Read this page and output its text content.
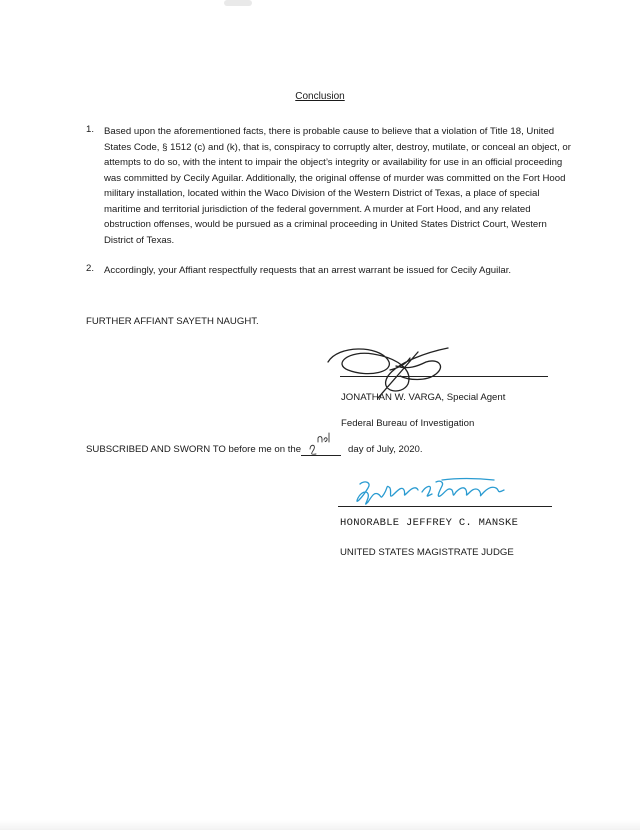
Conclusion
1. Based upon the aforementioned facts, there is probable cause to believe that a violation of Title 18, United States Code, § 1512 (c) and (k), that is, conspiracy to corruptly alter, destroy, mutilate, or conceal an object, or attempts to do so, with the intent to impair the object’s integrity or availability for use in an official proceeding was committed by Cecily Aguilar. Additionally, the original offense of murder was committed on the Fort Hood military installation, located within the Waco Division of the Western District of Texas, a place of special maritime and territorial jurisdiction of the federal government. A murder at Fort Hood, and any related obstruction offenses, would be pursued as a criminal proceeding in United States District Court, Western District of Texas.
2. Accordingly, your Affiant respectfully requests that an arrest warrant be issued for Cecily Aguilar.
FURTHER AFFIANT SAYETH NAUGHT.
JONATHAN W. VARGA, Special Agent
Federal Bureau of Investigation
SUBSCRIBED AND SWORN TO before me on the	day of July, 2020.
2nd
HONORABLE JEFFREY C. MANSKE
UNITED STATES MAGISTRATE JUDGE
